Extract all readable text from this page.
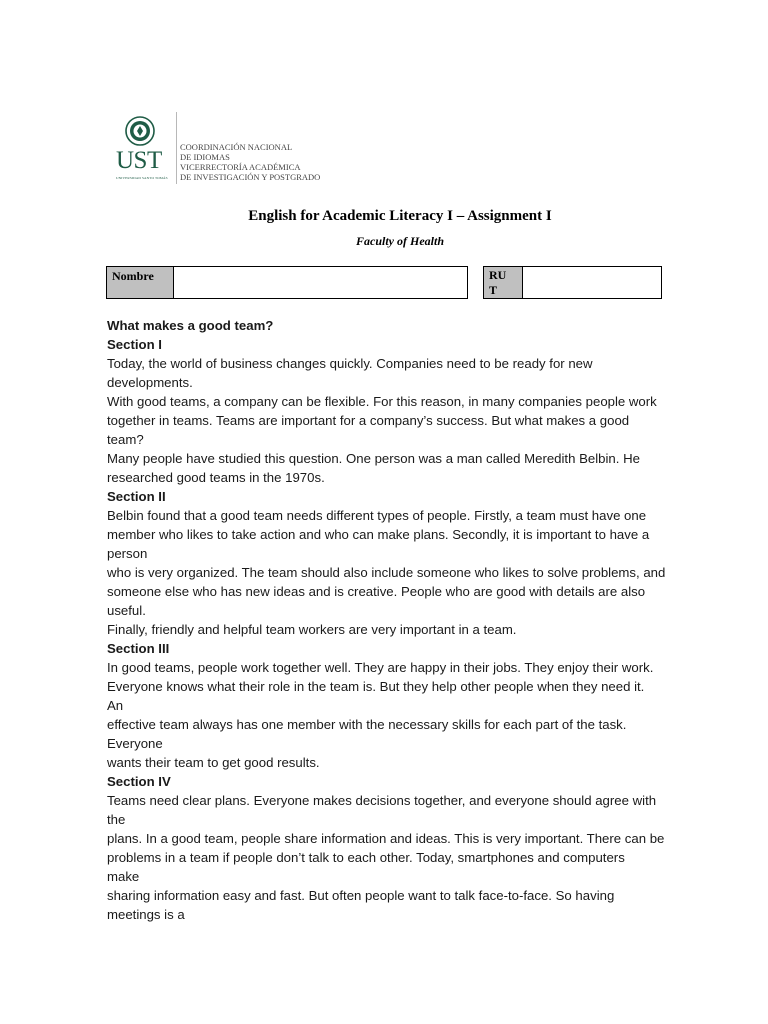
UST
UNIVERSIDAD SANTO TOMÁS
COORDINACIÓN NACIONAL
DE IDIOMAS
VICERRECTORÍA ACADÉMICA
DE INVESTIGACIÓN Y POSTGRADO
English for Academic Literacy I – Assignment I
Faculty of Health
Nombre	RU
T
What makes a good team?
Section I
Today, the world of business changes quickly. Companies need to be ready for new
developments.
With good teams, a company can be flexible. For this reason, in many companies people work
together in teams. Teams are important for a company’s success. But what makes a good
team?
Many people have studied this question. One person was a man called Meredith Belbin. He
researched good teams in the 1970s.
Section II
Belbin found that a good team needs different types of people. Firstly, a team must have one
member who likes to take action and who can make plans. Secondly, it is important to have a
person
who is very organized. The team should also include someone who likes to solve problems, and
someone else who has new ideas and is creative. People who are good with details are also
useful.
Finally, friendly and helpful team workers are very important in a team.
Section III
In good teams, people work together well. They are happy in their jobs. They enjoy their work.
Everyone knows what their role in the team is. But they help other people when they need it.
An
effective team always has one member with the necessary skills for each part of the task.
Everyone
wants their team to get good results.
Section IV
Teams need clear plans. Everyone makes decisions together, and everyone should agree with
the
plans. In a good team, people share information and ideas. This is very important. There can be
problems in a team if people don’t talk to each other. Today, smartphones and computers
make
sharing information easy and fast. But often people want to talk face-to-face. So having
meetings is a
